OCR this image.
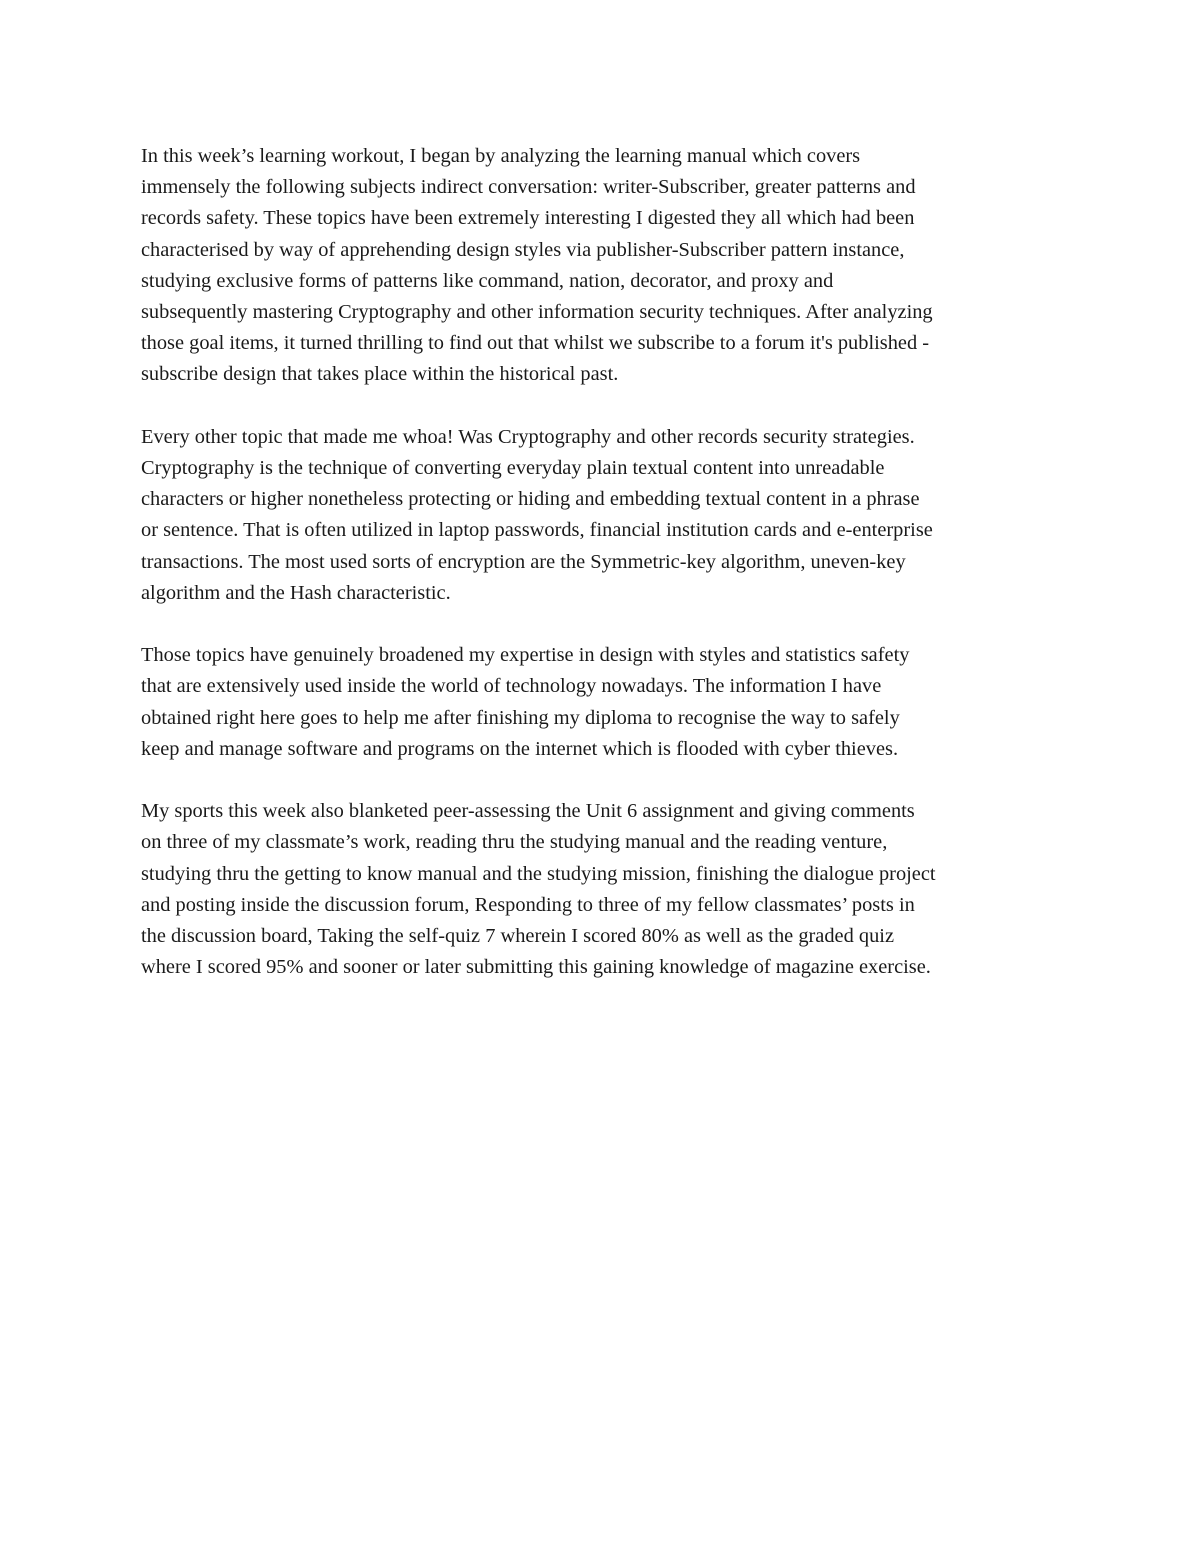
In this week’s learning workout, I began by analyzing the learning manual which covers
immensely the following subjects indirect conversation: writer-Subscriber, greater patterns and
records safety. These topics have been extremely interesting I digested they all which had been
characterised by way of apprehending design styles via publisher-Subscriber pattern instance,
studying exclusive forms of patterns like command, nation, decorator, and proxy and
subsequently mastering Cryptography and other information security techniques. After analyzing
those goal items, it turned thrilling to find out that whilst we subscribe to a forum it's published -
subscribe design that takes place within the historical past.

Every other topic that made me whoa! Was Cryptography and other records security strategies.
Cryptography is the technique of converting everyday plain textual content into unreadable
characters or higher nonetheless protecting or hiding and embedding textual content in a phrase
or sentence. That is often utilized in laptop passwords, financial institution cards and e-enterprise
transactions. The most used sorts of encryption are the Symmetric-key algorithm, uneven-key
algorithm and the Hash characteristic.

Those topics have genuinely broadened my expertise in design with styles and statistics safety
that are extensively used inside the world of technology nowadays. The information I have
obtained right here goes to help me after finishing my diploma to recognise the way to safely
keep and manage software and programs on the internet which is flooded with cyber thieves.

My sports this week also blanketed peer-assessing the Unit 6 assignment and giving comments
on three of my classmate’s work, reading thru the studying manual and the reading venture,
studying thru the getting to know manual and the studying mission, finishing the dialogue project
and posting inside the discussion forum, Responding to three of my fellow classmates’ posts in
the discussion board, Taking the self-quiz 7 wherein I scored 80% as well as the graded quiz
where I scored 95% and sooner or later submitting this gaining knowledge of magazine exercise.
